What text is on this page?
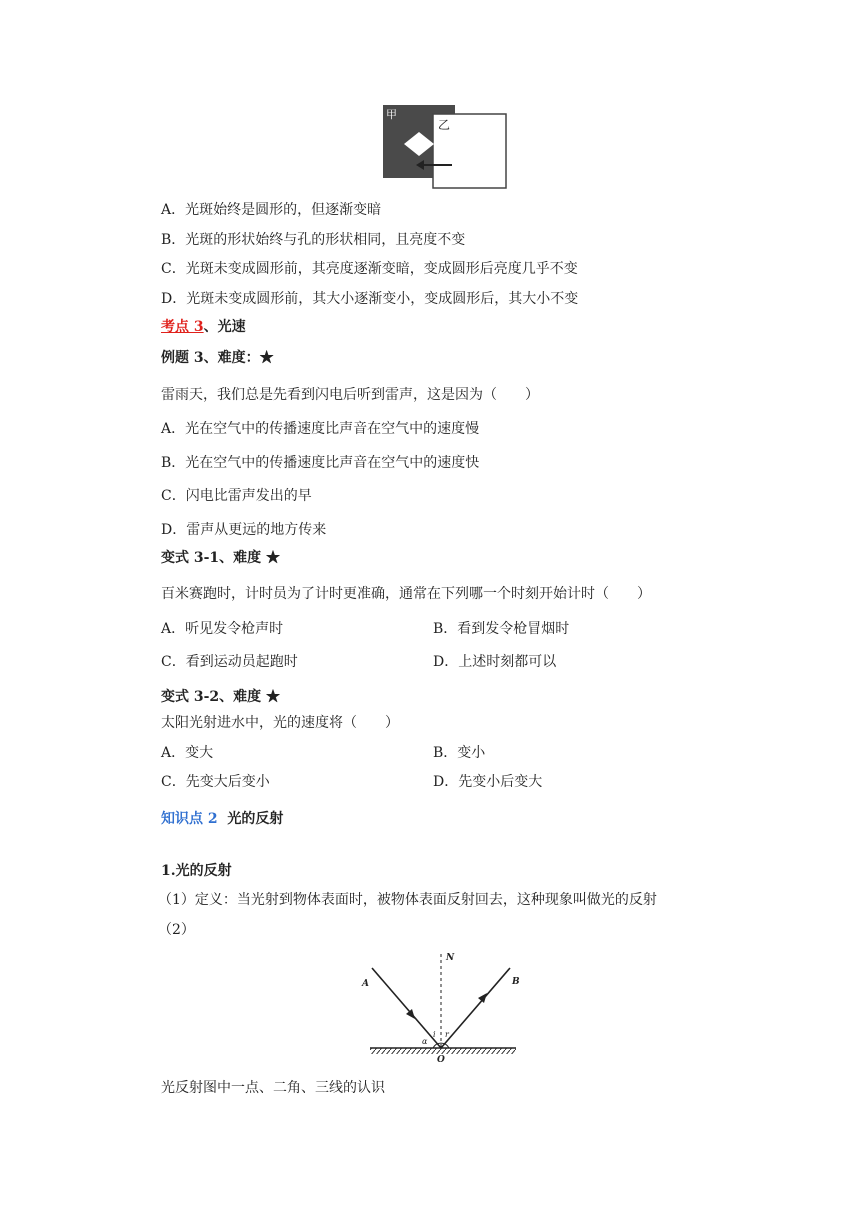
甲
乙
A．光斑始终是圆形的，但逐渐变暗
B．光斑的形状始终与孔的形状相同，且亮度不变
C．光斑未变成圆形前，其亮度逐渐变暗，变成圆形后亮度几乎不变
D．光斑未变成圆形前，其大小逐渐变小，变成圆形后，其大小不变
考点 3、光速
例题 3、难度：★
雷雨天，我们总是先看到闪电后听到雷声，这是因为（　　）
A．光在空气中的传播速度比声音在空气中的速度慢
B．光在空气中的传播速度比声音在空气中的速度快
C．闪电比雷声发出的早
D．雷声从更远的地方传来
变式 3-1、难度 ★
百米赛跑时，计时员为了计时更准确，通常在下列哪一个时刻开始计时（　　）
A．听见发令枪声时	B．看到发令枪冒烟时
C．看到运动员起跑时	D．上述时刻都可以
变式 3-2、难度 ★
太阳光射进水中，光的速度将（　　）
A．变大	B．变小
C．先变大后变小	D．先变小后变大
知识点 2 光的反射
1.光的反射
（1）定义：当光射到物体表面时，被物体表面反射回去，这种现象叫做光的反射
（2）
N
A	B
i r
α
O
光反射图中一点、二角、三线的认识
